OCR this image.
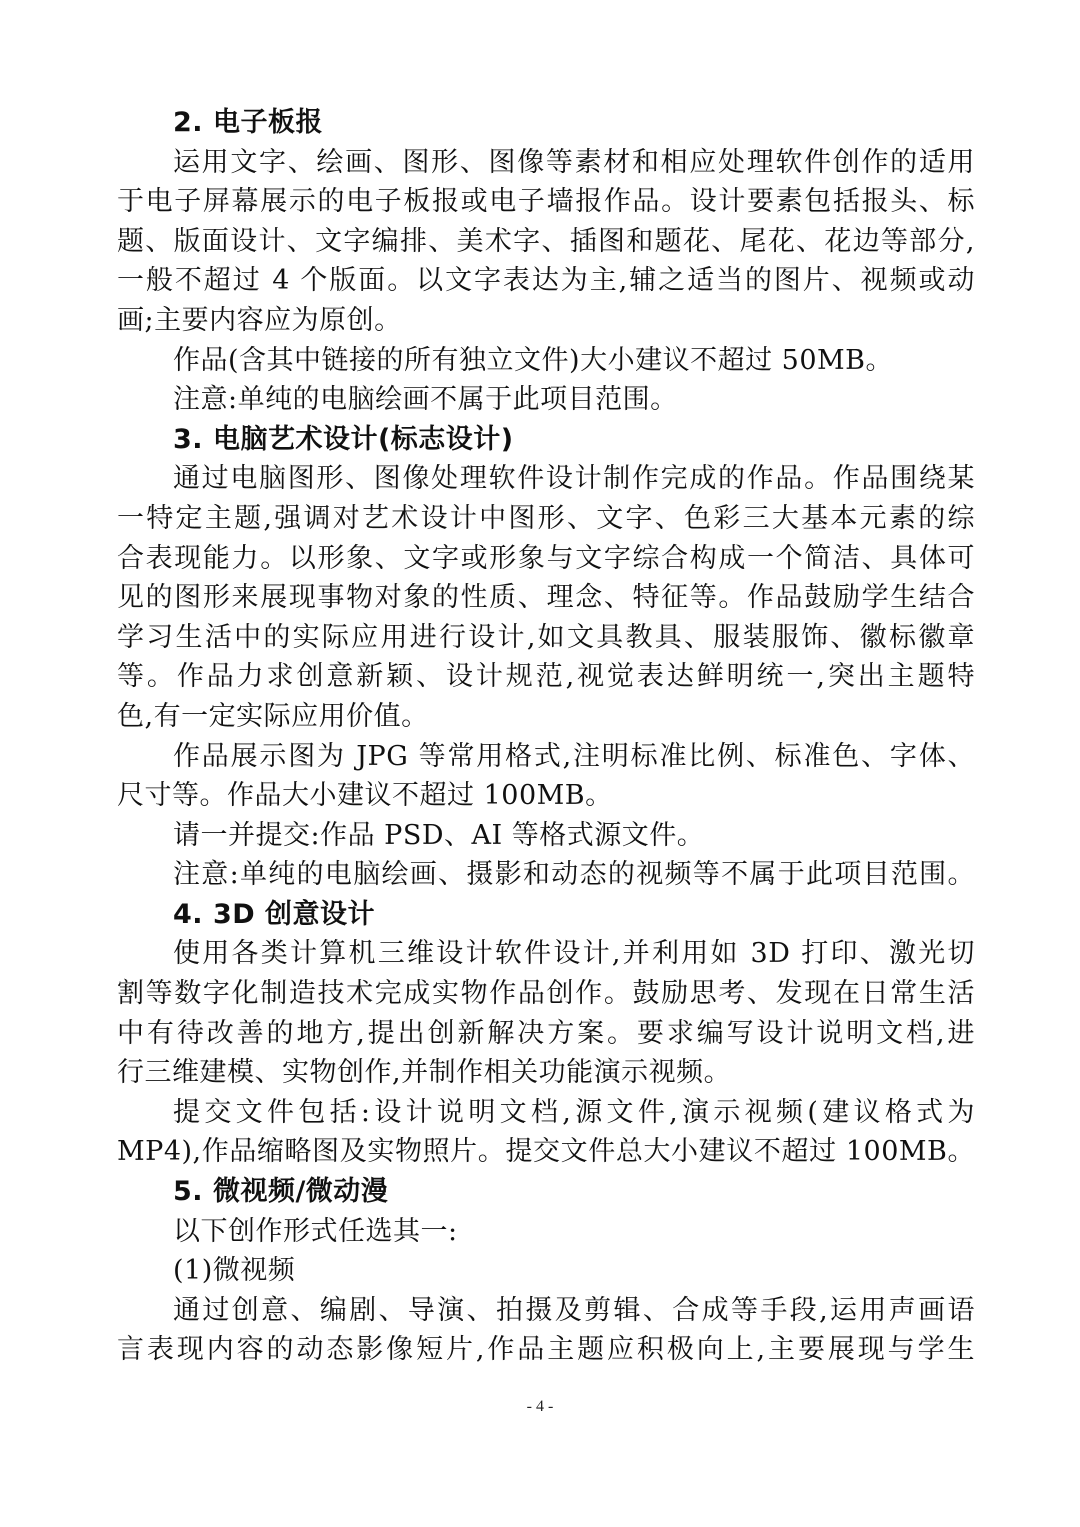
2. 电子板报
运用文字、绘画、图形、图像等素材和相应处理软件创作的适用
于电子屏幕展示的电子板报或电子墙报作品。设计要素包括报头、标
题、版面设计、文字编排、美术字、插图和题花、尾花、花边等部分,
一般不超过 4 个版面。以文字表达为主,辅之适当的图片、视频或动
画;主要内容应为原创。
作品(含其中链接的所有独立文件)大小建议不超过 50MB。
注意:单纯的电脑绘画不属于此项目范围。
3. 电脑艺术设计(标志设计)
通过电脑图形、图像处理软件设计制作完成的作品。作品围绕某
一特定主题,强调对艺术设计中图形、文字、色彩三大基本元素的综
合表现能力。以形象、文字或形象与文字综合构成一个简洁、具体可
见的图形来展现事物对象的性质、理念、特征等。作品鼓励学生结合
学习生活中的实际应用进行设计,如文具教具、服装服饰、徽标徽章
等。作品力求创意新颖、设计规范,视觉表达鲜明统一,突出主题特
色,有一定实际应用价值。
作品展示图为 JPG 等常用格式,注明标准比例、标准色、字体、
尺寸等。作品大小建议不超过 100MB。
请一并提交:作品 PSD、AI 等格式源文件。
注意:单纯的电脑绘画、摄影和动态的视频等不属于此项目范围。
4. 3D 创意设计
使用各类计算机三维设计软件设计,并利用如 3D 打印、激光切
割等数字化制造技术完成实物作品创作。鼓励思考、发现在日常生活
中有待改善的地方,提出创新解决方案。要求编写设计说明文档,进
行三维建模、实物创作,并制作相关功能演示视频。
提交文件包括:设计说明文档,源文件,演示视频(建议格式为
MP4),作品缩略图及实物照片。提交文件总大小建议不超过 100MB。
5. 微视频/微动漫
以下创作形式任选其一:
(1)微视频
通过创意、编剧、导演、拍摄及剪辑、合成等手段,运用声画语
言表现内容的动态影像短片,作品主题应积极向上,主要展现与学生
- 4 -
